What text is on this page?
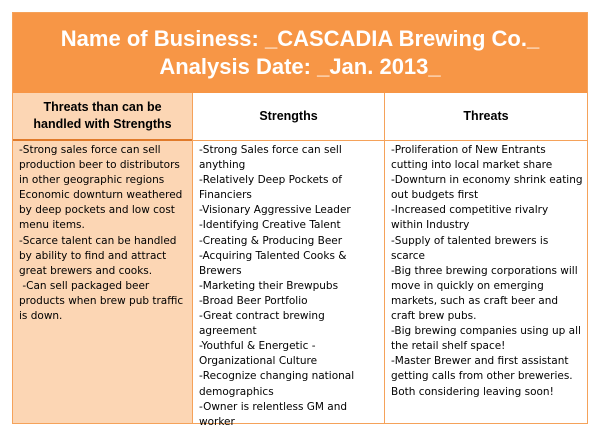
Name of Business: _CASCADIA Brewing Co._
Analysis Date: _Jan. 2013_
Threats than can be handled with Strengths

-Strong sales force can sell production beer to distributors in other geographic regions

Economic downturn weathered by deep pockets and low cost menu items.

-Scarce talent can be handled by ability to find and attract great brewers and cooks.

-Can sell packaged beer products when brew pub traffic is down.

Strengths

-Strong Sales force can sell anything

-Relatively Deep Pockets of Financiers

-Visionary Aggressive Leader

-Identifying Creative Talent

-Creating & Producing Beer

-Acquiring Talented Cooks & Brewers

-Marketing their Brewpubs

-Broad Beer Portfolio

-Great contract brewing agreement

-Youthful & Energetic - Organizational Culture

-Recognize changing national demographics

-Owner is relentless GM and worker

Threats

-Proliferation of New Entrants cutting into local market share

-Downturn in economy shrink eating out budgets first

-Increased competitive rivalry within Industry

-Supply of talented brewers is scarce

-Big three brewing corporations will move in quickly on emerging markets, such as craft beer and craft brew pubs.

-Big brewing companies using up all the retail shelf space!

-Master Brewer and first assistant getting calls from other breweries. Both considering leaving soon!
